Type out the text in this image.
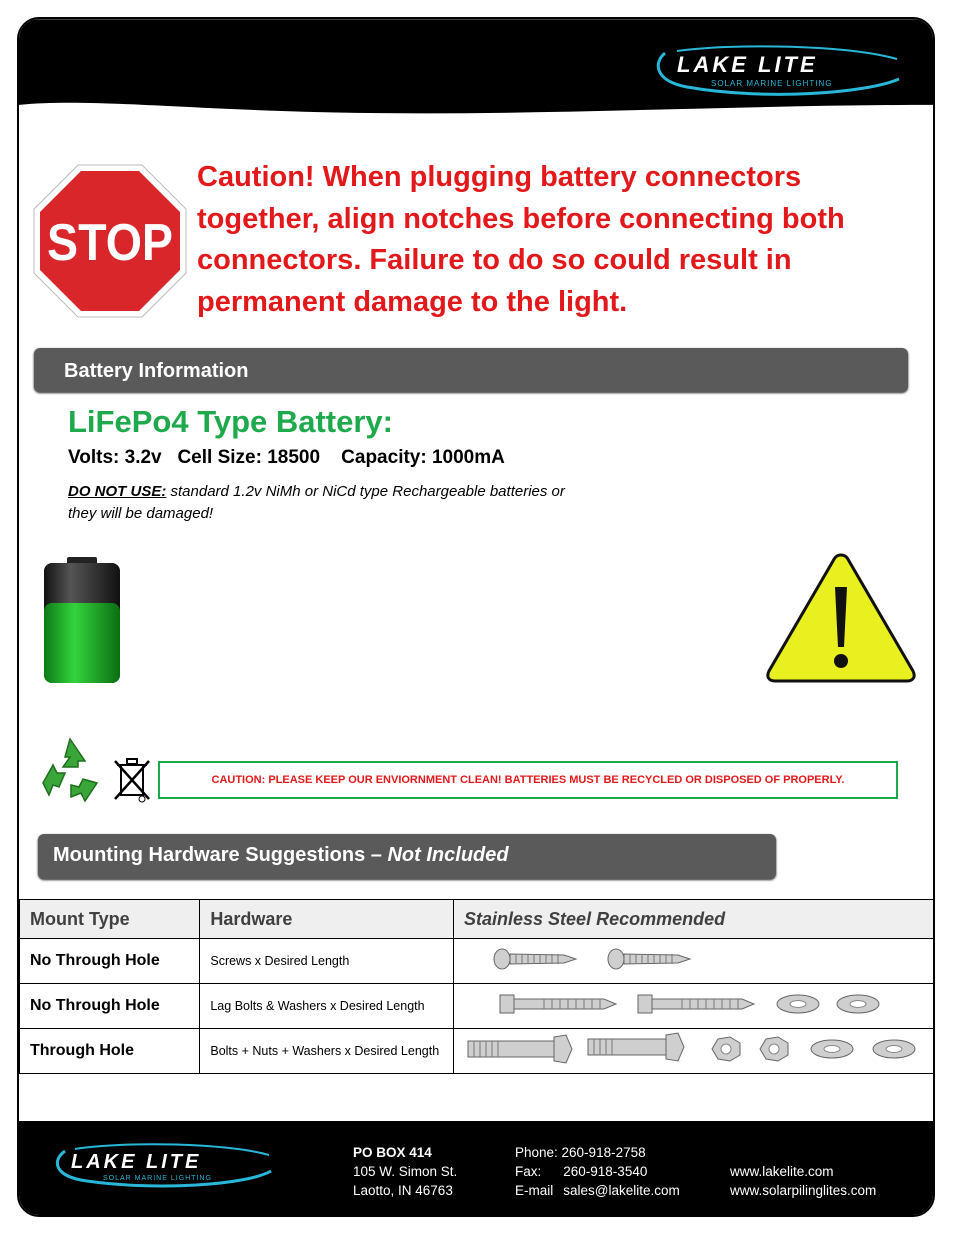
LAKE LITE
SOLAR MARINE LIGHTING
STOP
Caution! When plugging battery connectors together, align notches before connecting both connectors. Failure to do so could result in permanent damage to the light.
Battery Information
LiFePo4 Type Battery:
Volts: 3.2v   Cell Size: 18500    Capacity: 1000mA
DO NOT USE: standard 1.2v NiMh or NiCd type Rechargeable batteries or they will be damaged!
CAUTION: PLEASE KEEP OUR ENVIORNMENT CLEAN! BATTERIES MUST BE RECYCLED OR DISPOSED OF PROPERLY.
Mounting Hardware Suggestions – Not Included
Mount Type	Hardware	Stainless Steel Recommended
No Through Hole	Screws x Desired Length	
No Through Hole	Lag Bolts & Washers x Desired Length	
Through Hole	Bolts + Nuts + Washers x Desired Length	
LAKE LITE
SOLAR MARINE LIGHTING
PO BOX 414
105 W. Simon St.
Laotto, IN 46763
Phone: 260-918-2758
Fax: 260-918-3540
E-mail sales@lakelite.com
www.lakelite.com
www.solarpilinglites.com
